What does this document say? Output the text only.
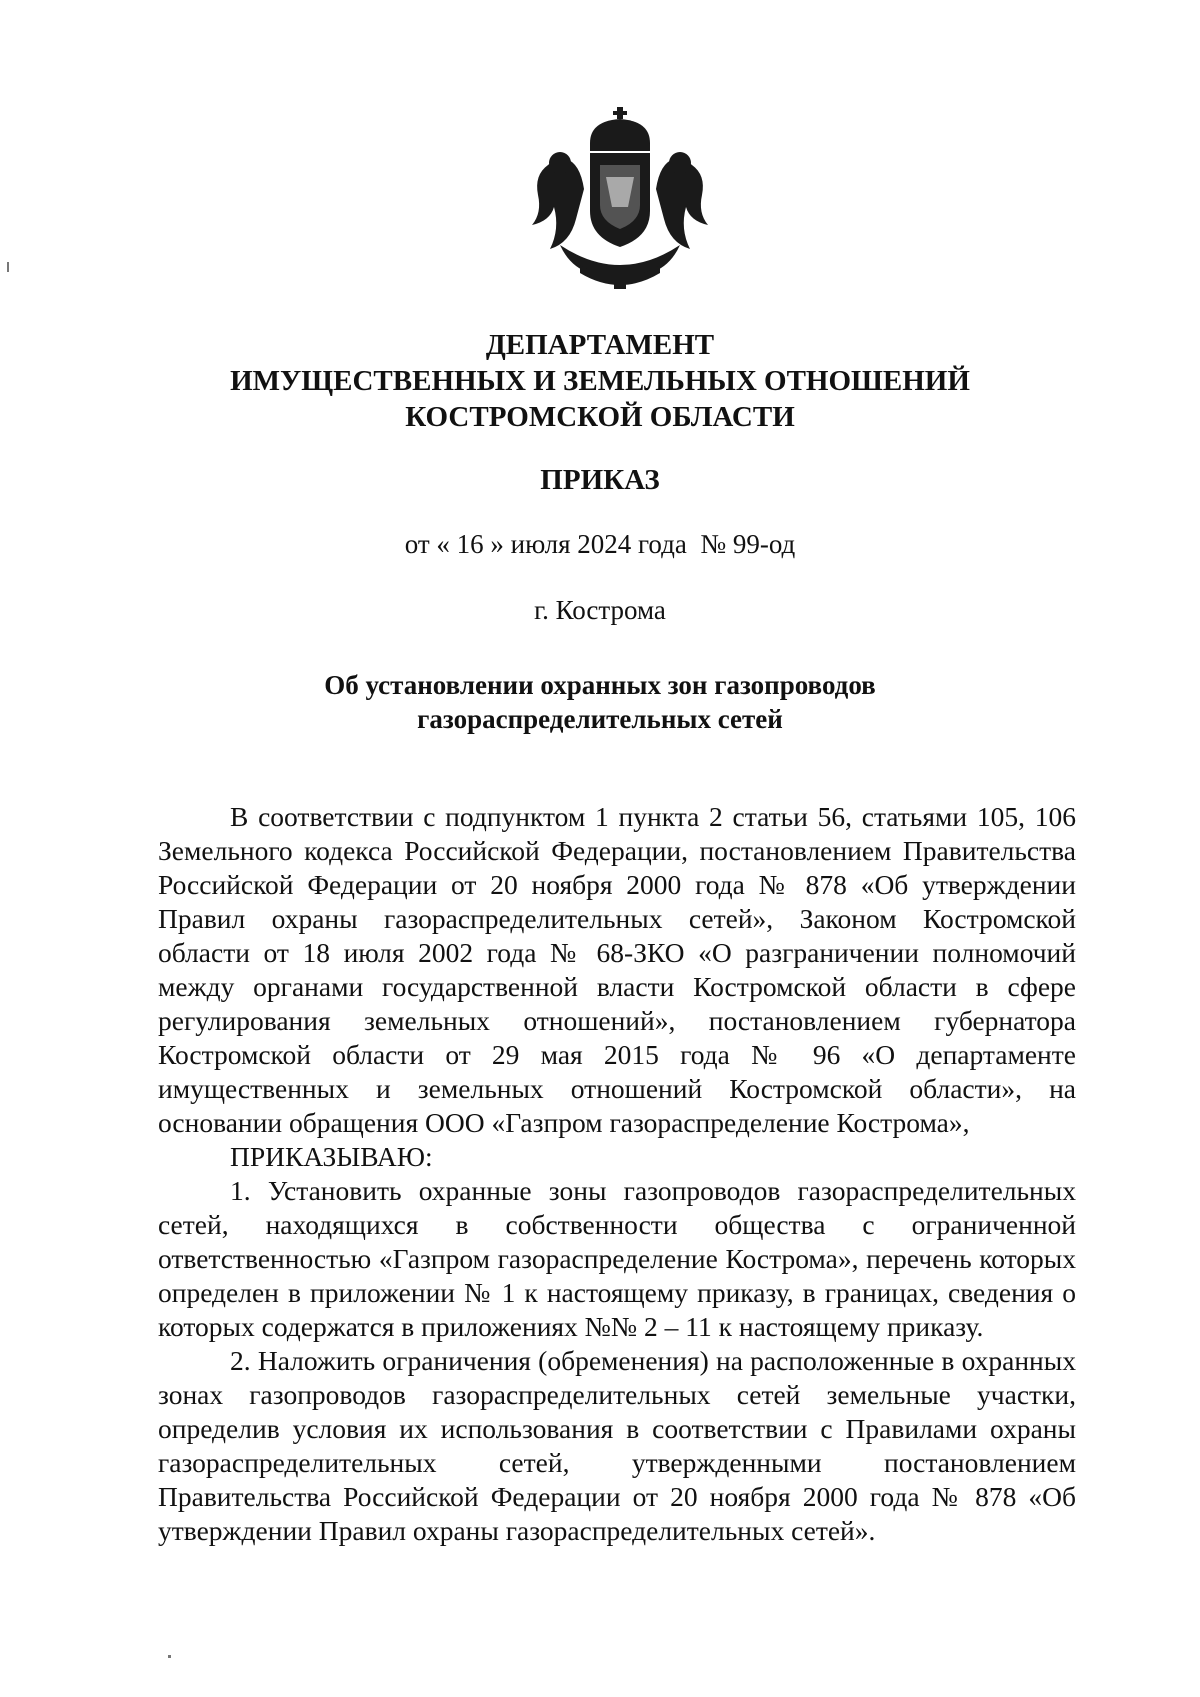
ДЕПАРТАМЕНТ
ИМУЩЕСТВЕННЫХ И ЗЕМЕЛЬНЫХ ОТНОШЕНИЙ
КОСТРОМСКОЙ ОБЛАСТИ
ПРИКАЗ
от « 16 » июля 2024 года  № 99-од
г. Кострома
Об установлении охранных зон газопроводов
газораспределительных сетей

В соответствии с подпунктом 1 пункта 2 статьи 56, статьями 105, 106 Земельного кодекса Российской Федерации, постановлением Правительства Российской Федерации от 20 ноября 2000 года № 878 «Об утверждении Правил охраны газораспределительных сетей», Законом Костромской области от 18 июля 2002 года № 68-ЗКО «О разграничении полномочий между органами государственной власти Костромской области в сфере регулирования земельных отношений», постановлением губернатора Костромской области от 29 мая 2015 года № 96 «О департаменте имущественных и земельных отношений Костромской области», на основании обращения ООО «Газпром газораспределение Кострома»,

ПРИКАЗЫВАЮ:

1. Установить охранные зоны газопроводов газораспределительных сетей, находящихся в собственности общества с ограниченной ответственностью «Газпром газораспределение Кострома», перечень которых определен в приложении № 1 к настоящему приказу, в границах, сведения о которых содержатся в приложениях №№ 2 – 11 к настоящему приказу.

2. Наложить ограничения (обременения) на расположенные в охранных зонах газопроводов газораспределительных сетей земельные участки, определив условия их использования в соответствии с Правилами охраны газораспределительных сетей, утвержденными постановлением Правительства Российской Федерации от 20 ноября 2000 года № 878 «Об утверждении Правил охраны газораспределительных сетей».
